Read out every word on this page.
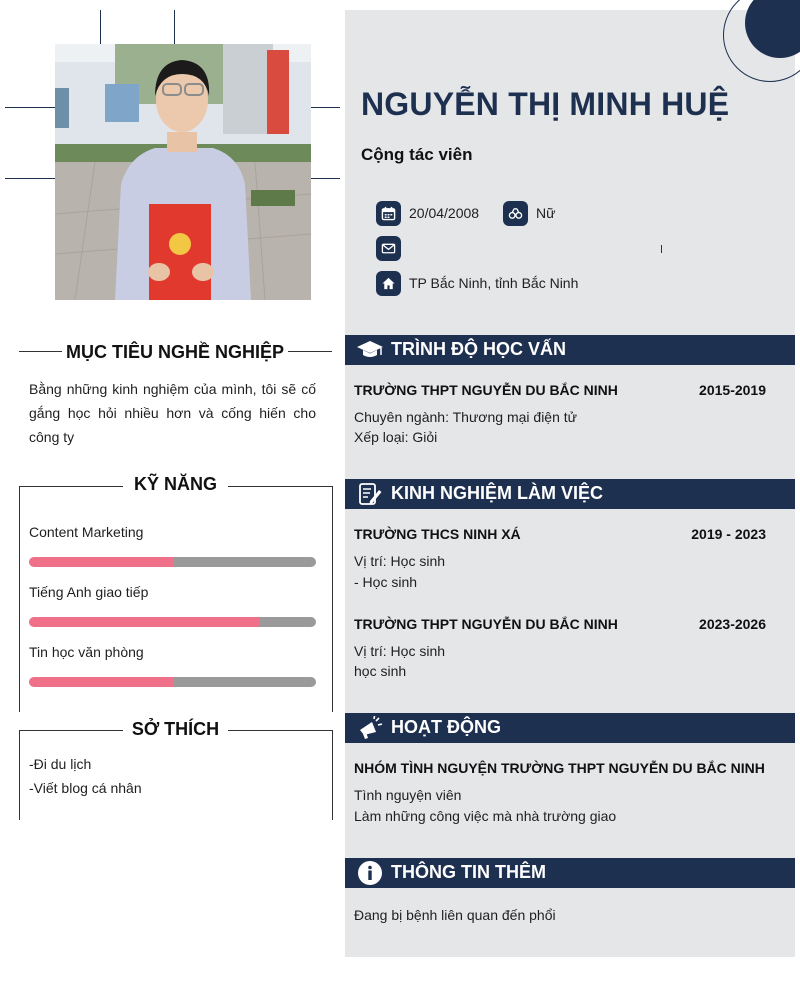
NGUYỄN THỊ MINH HUỆ
Cộng tác viên
20/04/2008	Nữ
TP Bắc Ninh, tỉnh Bắc Ninh
TRÌNH ĐỘ HỌC VẤN
TRƯỜNG THPT NGUYỄN DU BẮC NINH	2015-2019
Chuyên ngành: Thương mại điện tử
Xếp loại: Giỏi
KINH NGHIỆM LÀM VIỆC
TRƯỜNG THCS NINH XÁ	2019 - 2023
Vị trí: Học sinh
- Học sinh
TRƯỜNG THPT NGUYỄN DU BẮC NINH	2023-2026
Vị trí: Học sinh
học sinh
HOẠT ĐỘNG
NHÓM TÌNH NGUYỆN TRƯỜNG THPT NGUYỄN DU BẮC NINH
Tình nguyện viên
Làm những công việc mà nhà trường giao
THÔNG TIN THÊM
Đang bị bệnh liên quan đến phổi
MỤC TIÊU NGHỀ NGHIỆP
Bằng những kinh nghiệm của mình, tôi sẽ cố gắng học hỏi nhiều hơn và cống hiến cho công ty
KỸ NĂNG
Content Marketing
Tiếng Anh giao tiếp
Tin học văn phòng
SỞ THÍCH
-Đi du lịch
-Viết blog cá nhân
